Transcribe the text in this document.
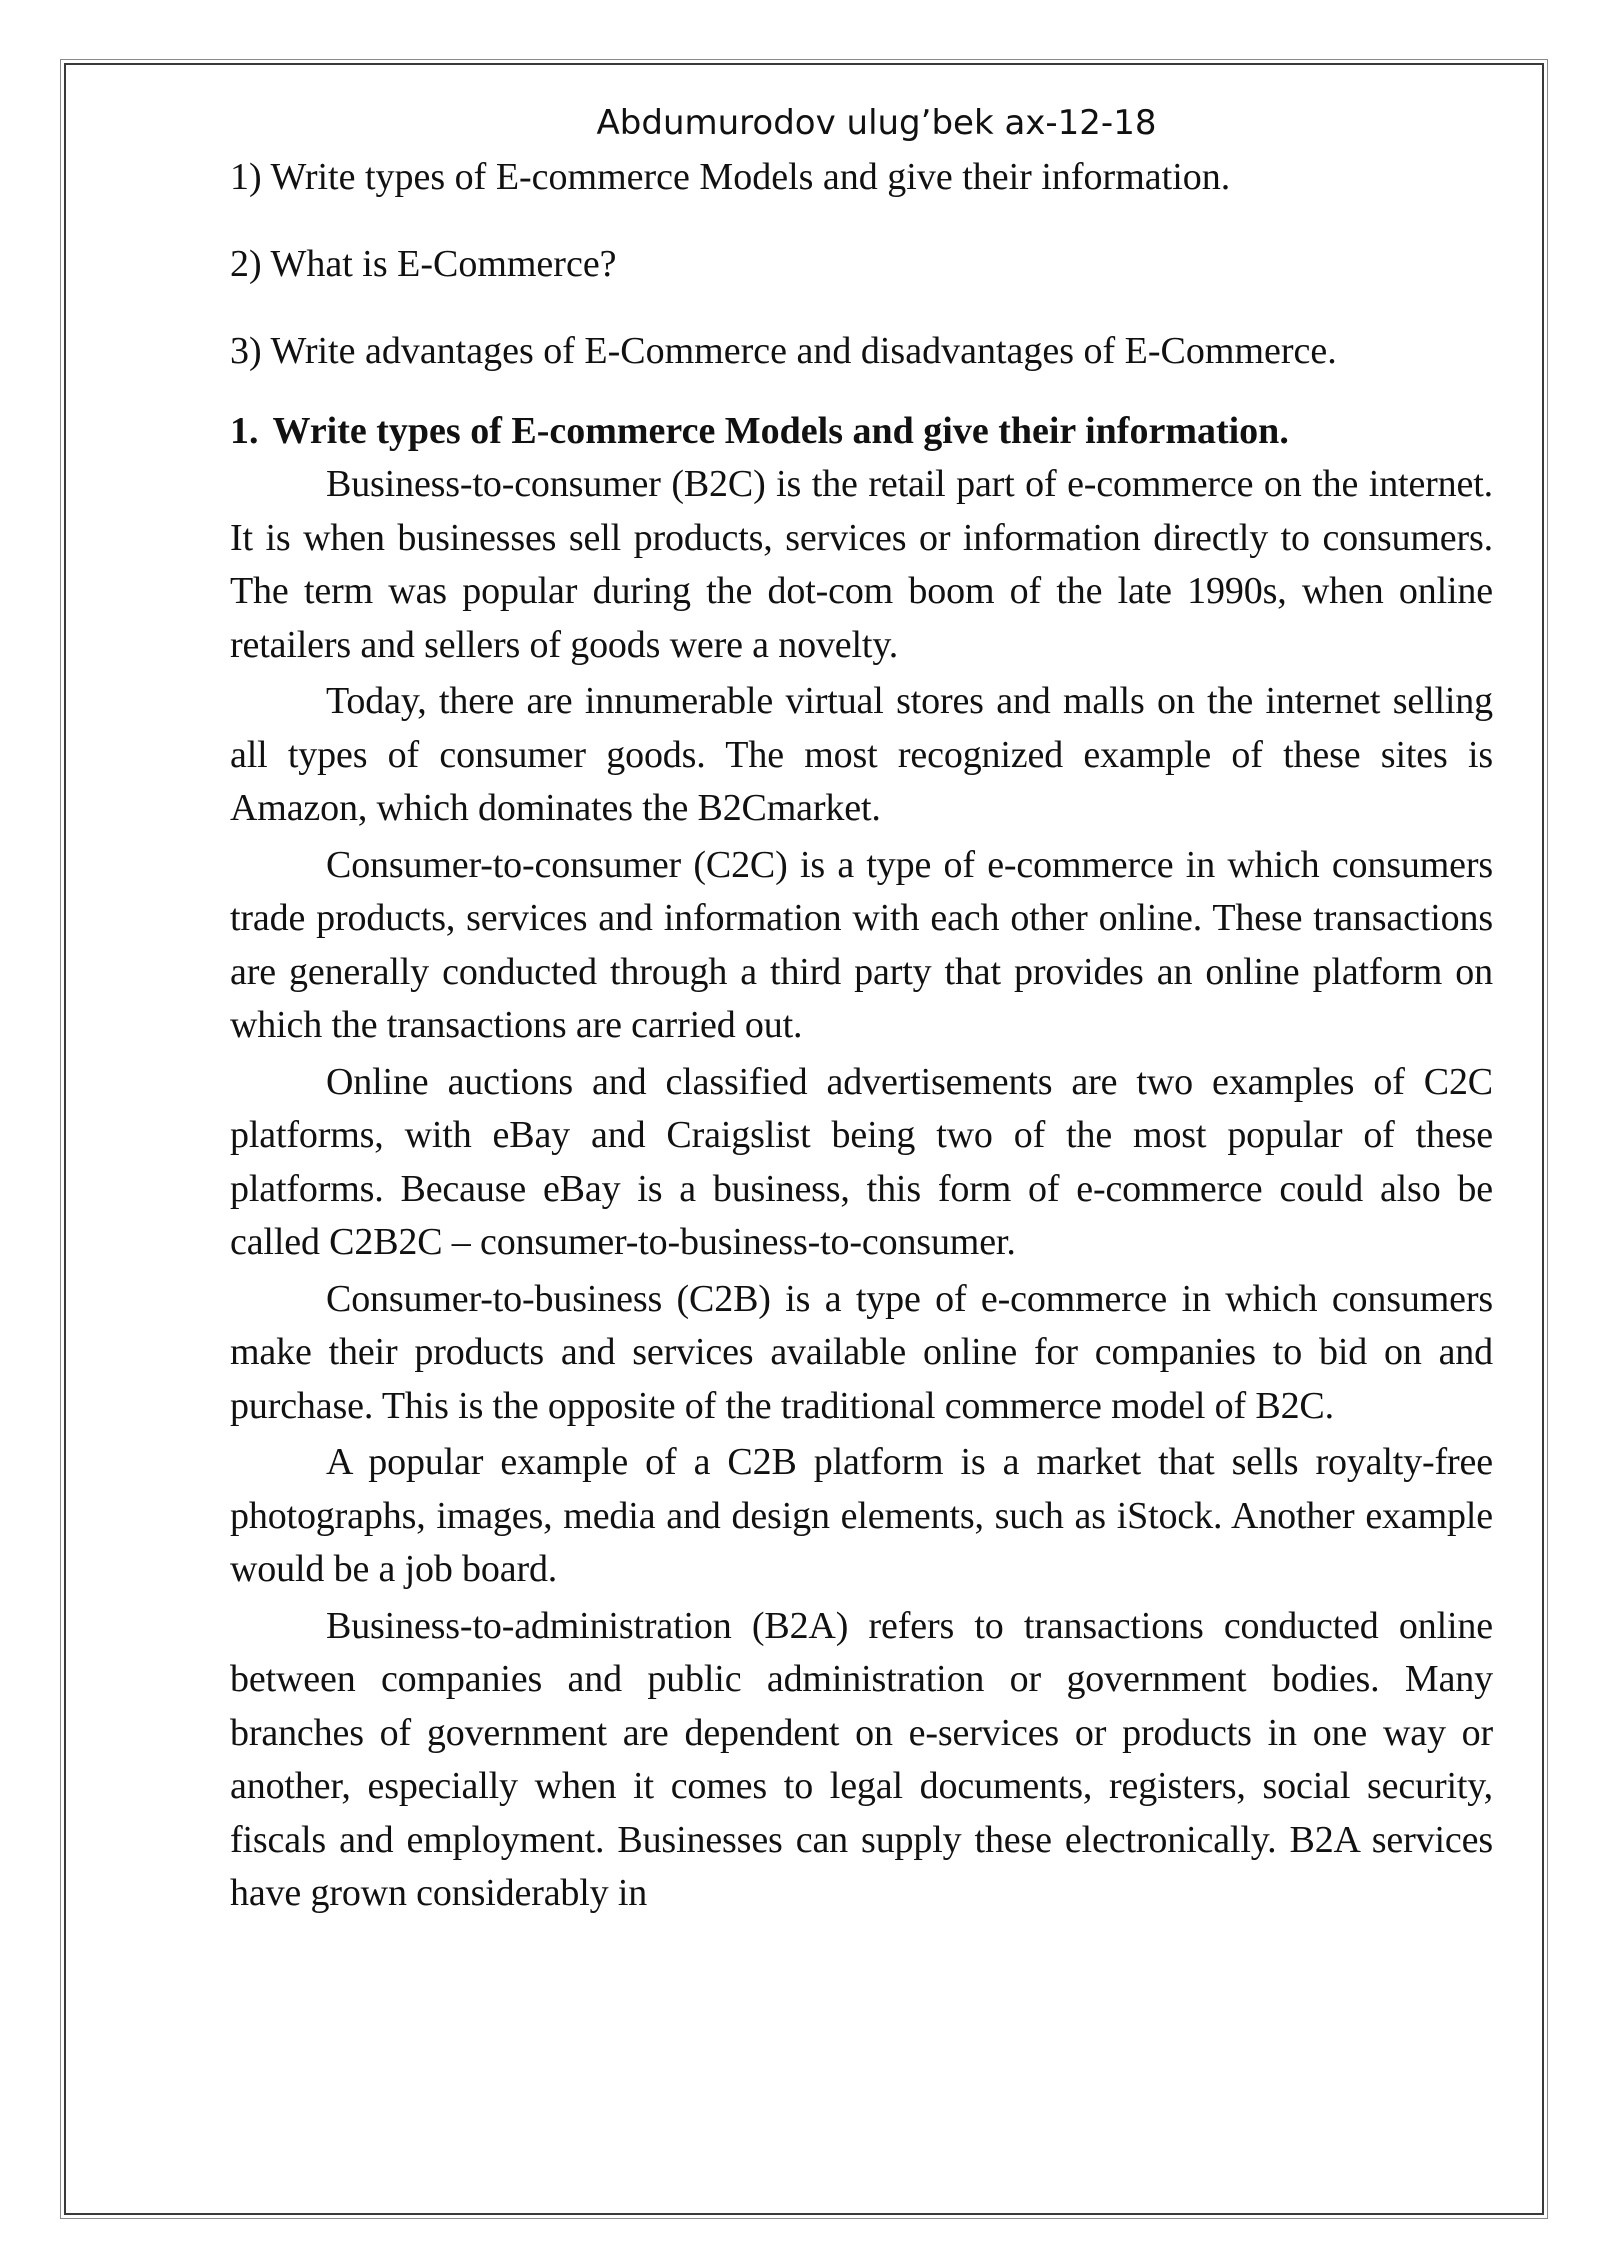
Abdumurodov ulug’bek ax-12-18

1) Write types of E-commerce Models and give their information.

2) What is E-Commerce?

3) Write advantages of E-Commerce and disadvantages of E-Commerce.

1. Write types of E-commerce Models and give their information.

Business-to-consumer (B2C) is the retail part of e-commerce on the internet. It is when businesses sell products, services or information directly to consumers. The term was popular during the dot-com boom of the late 1990s, when online retailers and sellers of goods were a novelty.

Today, there are innumerable virtual stores and malls on the internet selling all types of consumer goods. The most recognized example of these sites is Amazon, which dominates the B2Cmarket.

Consumer-to-consumer (C2C) is a type of e-commerce in which consumers trade products, services and information with each other online. These transactions are generally conducted through a third party that provides an online platform on which the transactions are carried out.

Online auctions and classified advertisements are two examples of C2C platforms, with eBay and Craigslist being two of the most popular of these platforms. Because eBay is a business, this form of e-commerce could also be called C2B2C – consumer-to-business-to-consumer.

Consumer-to-business (C2B) is a type of e-commerce in which consumers make their products and services available online for companies to bid on and purchase. This is the opposite of the traditional commerce model of B2C.

A popular example of a C2B platform is a market that sells royalty-free photographs, images, media and design elements, such as iStock. Another example would be a job board.

Business-to-administration (B2A) refers to transactions conducted online between companies and public administration or government bodies. Many branches of government are dependent on e-services or products in one way or another, especially when it comes to legal documents, registers, social security, fiscals and employment. Businesses can supply these electronically. B2A services have grown considerably in
